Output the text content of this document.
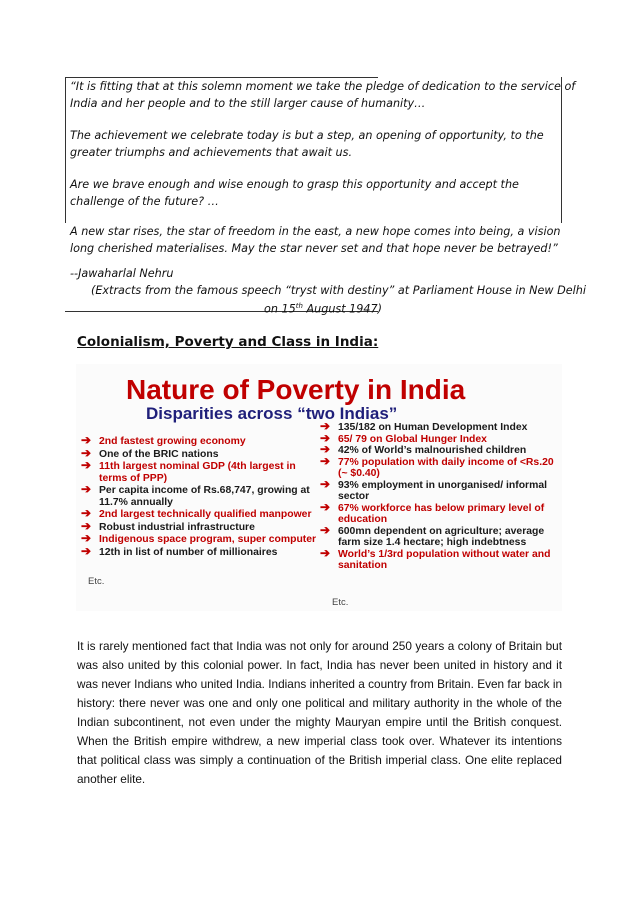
“It is fitting that at this solemn moment we take the pledge of dedication to the service of
India and her people and to the still larger cause of humanity…
The achievement we celebrate today is but a step, an opening of opportunity, to the
greater triumphs and achievements that await us.
Are we brave enough and wise enough to grasp this opportunity and accept the
challenge of the future? …
A new star rises, the star of freedom in the east, a new hope comes into being, a vision
long cherished materialises. May the star never set and that hope never be betrayed!”
--Jawaharlal Nehru
(Extracts from the famous speech “tryst with destiny” at Parliament House in New Delhi
on 15th August 1947)
Colonialism, Poverty and Class in India:
Nature of Poverty in India
Disparities across “two Indias”
➔ 2nd fastest growing economy
➔ One of the BRIC nations
➔ 11th largest nominal GDP (4th largest in terms of PPP)
➔ Per capita income of Rs.68,747, growing at 11.7% annually
➔ 2nd largest technically qualified manpower
➔ Robust industrial infrastructure
➔ Indigenous space program, super computer
➔ 12th in list of number of millionaires
Etc.
➔ 135/182 on Human Development Index
➔ 65/ 79 on Global Hunger Index
➔ 42% of World’s malnourished children
➔ 77% population with daily income of <Rs.20 (~ $0.40)
➔ 93% employment in unorganised/ informal sector
➔ 67% workforce has below primary level of education
➔ 600mn dependent on agriculture; average farm size 1.4 hectare; high indebtness
➔ World’s 1/3rd population without water and sanitation
Etc.
It is rarely mentioned fact that India was not only for around 250 years a colony of Britain but was also united by this colonial power. In fact, India has never been united in history and it was never Indians who united India. Indians inherited a country from Britain. Even far back in history: there never was one and only one political and military authority in the whole of the Indian subcontinent, not even under the mighty Mauryan empire until the British conquest. When the British empire withdrew, a new imperial class took over. Whatever its intentions that political class was simply a continuation of the British imperial class. One elite replaced another elite.
